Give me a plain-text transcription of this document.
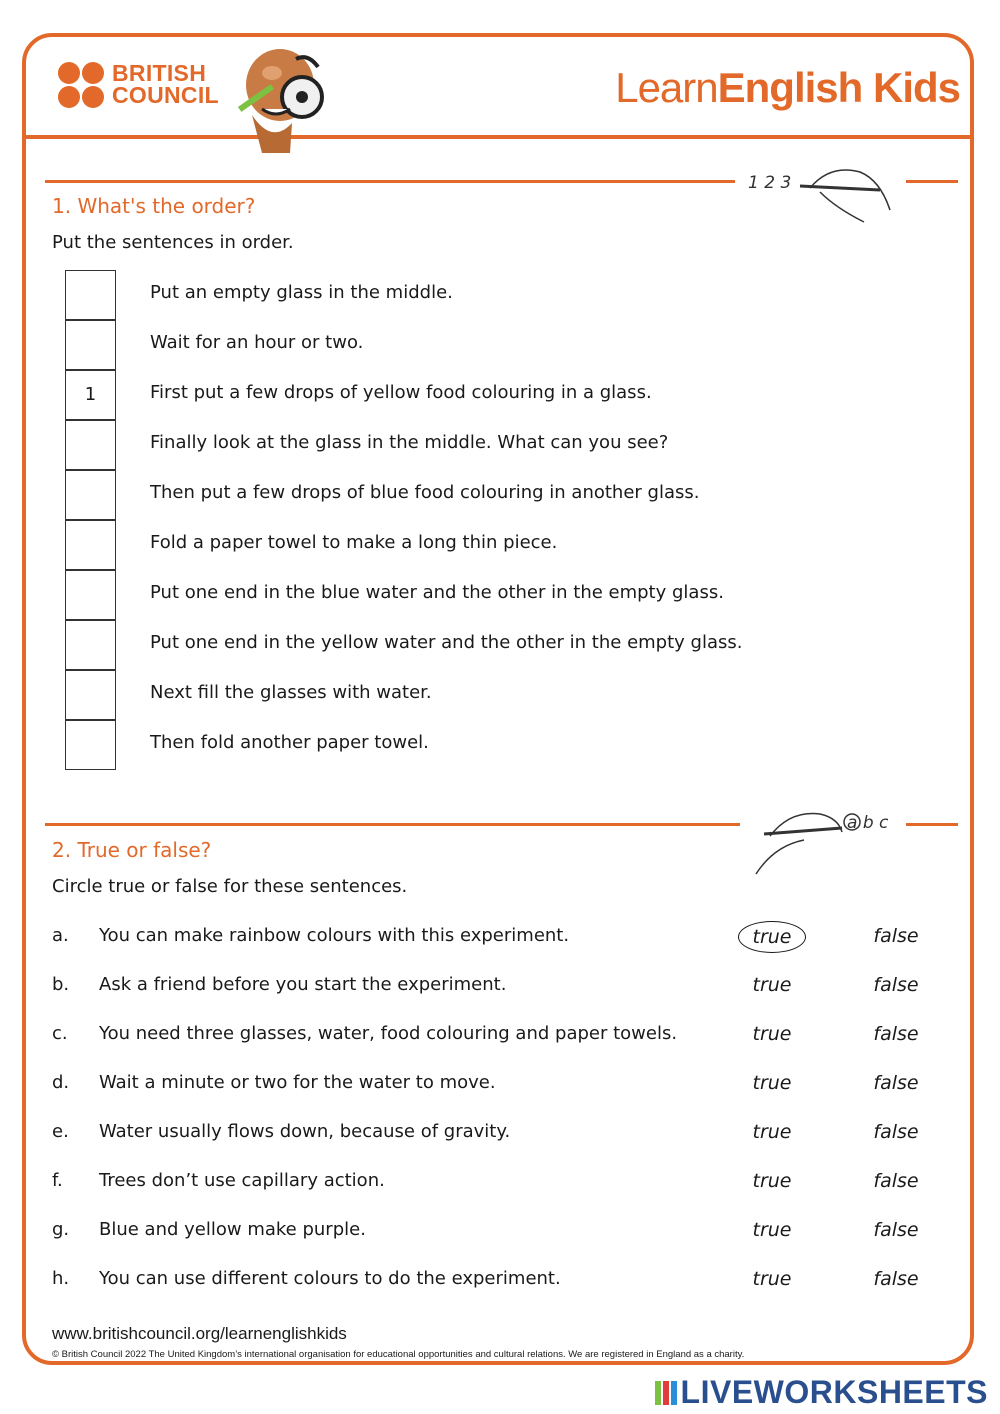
BRITISH
COUNCIL	LearnEnglish Kids
1 2 3
1. What's the order?
Put the sentences in order.
Put an empty glass in the middle.
Wait for an hour or two.
1	First put a few drops of yellow food colouring in a glass.
Finally look at the glass in the middle. What can you see?
Then put a few drops of blue food colouring in another glass.
Fold a paper towel to make a long thin piece.
Put one end in the blue water and the other in the empty glass.
Put one end in the yellow water and the other in the empty glass.
Next fill the glasses with water.
Then fold another paper towel.
a b c
2. True or false?
Circle true or false for these sentences.
a. You can make rainbow colours with this experiment.	true	false
b. Ask a friend before you start the experiment.	true	false
c. You need three glasses, water, food colouring and paper towels.	true	false
d. Wait a minute or two for the water to move.	true	false
e. Water usually flows down, because of gravity.	true	false
f. Trees don’t use capillary action.	true	false
g. Blue and yellow make purple.	true	false
h. You can use different colours to do the experiment.	true	false
www.britishcouncil.org/learnenglishkids
© British Council 2022 The United Kingdom’s international organisation for educational opportunities and cultural relations. We are registered in England as a charity.
LIVEWORKSHEETS
